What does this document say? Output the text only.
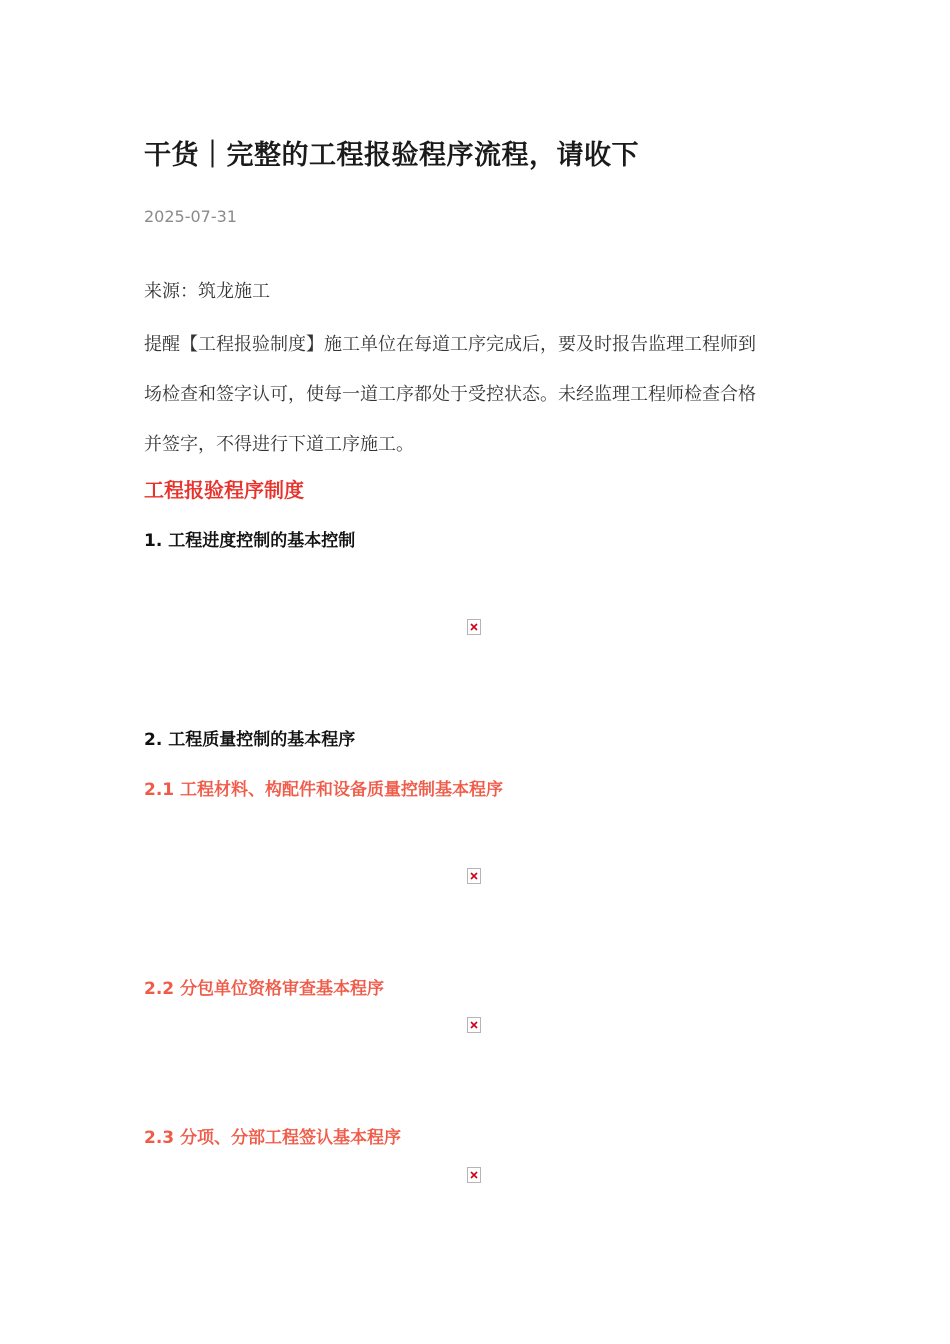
干货｜完整的工程报验程序流程，请收下
2025-07-31
来源：筑龙施工
提醒【工程报验制度】施工单位在每道工序完成后，要及时报告监理工程师到
场检查和签字认可，使每一道工序都处于受控状态。未经监理工程师检查合格
并签字，不得进行下道工序施工。
工程报验程序制度
1. 工程进度控制的基本控制
2. 工程质量控制的基本程序
2.1 工程材料、构配件和设备质量控制基本程序
2.2 分包单位资格审查基本程序
2.3 分项、分部工程签认基本程序
